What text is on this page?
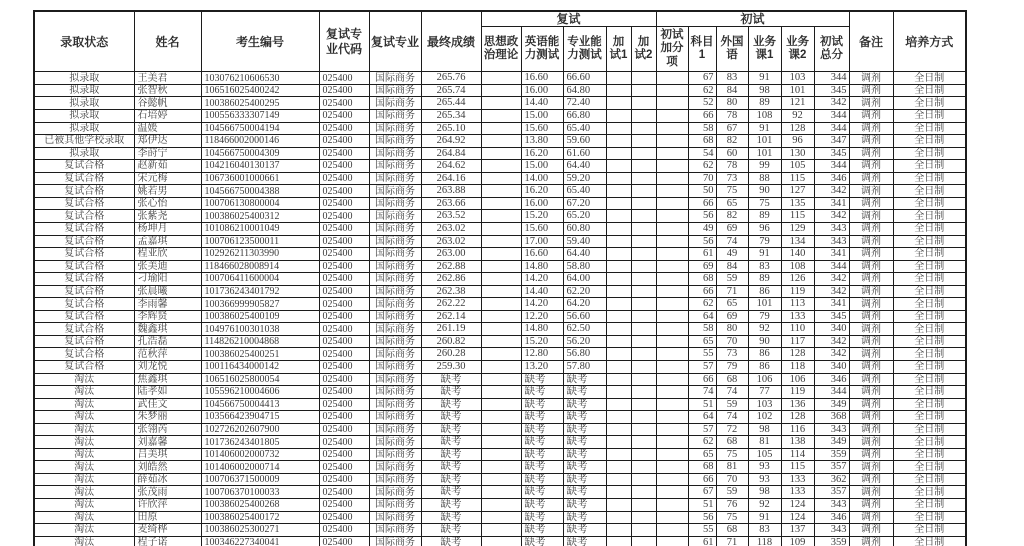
录取状态	姓名	考生编号	复试专业代码	复试专业	最终成绩	复试					初试						备注	培养方式
						思想政治理论	英语能力测试	专业能力测试	加试1	加试2	初试加分项	科目1	外国语	业务课1	业务课2	初试总分		
拟录取	王美君	103076210606530	025400	国际商务	265.76		16.60	66.60				67	83	91	103	344	调剂	全日制
拟录取	张智秋	106516025400242	025400	国际商务	265.74		16.00	64.80				62	84	98	101	345	调剂	全日制
拟录取	谷懿帆	100386025400295	025400	国际商务	265.44		14.40	72.40				52	80	89	121	342	调剂	全日制
拟录取	石培婷	100556333307149	025400	国际商务	265.34		15.00	66.80				66	78	108	92	344	调剂	全日制
拟录取	温媛	104566750004194	025400	国际商务	265.10		15.60	65.40				58	67	91	128	344	调剂	全日制
已被其他学校录取	郑伊达	118466002000146	025400	国际商务	264.92		13.80	59.60				68	82	101	96	347	调剂	全日制
拟录取	李莳宁	104566750004309	025400	国际商务	264.84		16.20	61.60				54	60	101	130	345	调剂	全日制
复试合格	赵新茹	104216040130137	025400	国际商务	264.62		15.00	64.40				62	78	99	105	344	调剂	全日制
复试合格	宋元梅	106736001000661	025400	国际商务	264.16		14.00	59.20				70	73	88	115	346	调剂	全日制
复试合格	姚若男	104566750004388	025400	国际商务	263.88		16.20	65.40				50	75	90	127	342	调剂	全日制
复试合格	张心怡	100706130800004	025400	国际商务	263.66		16.00	67.20				66	65	75	135	341	调剂	全日制
复试合格	张紫尧	100386025400312	025400	国际商务	263.52		15.20	65.20				56	82	89	115	342	调剂	全日制
复试合格	杨坤月	101086210001049	025400	国际商务	263.02		15.60	60.80				49	69	96	129	343	调剂	全日制
复试合格	孟嘉琪	100706123500011	025400	国际商务	263.02		17.00	59.40				56	74	79	134	343	调剂	全日制
复试合格	程亚欣	102926211303990	025400	国际商务	263.00		16.60	64.40				61	49	91	140	341	调剂	全日制
复试合格	张美迪	118466028008914	025400	国际商务	262.88		14.80	58.80				69	84	83	108	344	调剂	全日制
复试合格	刁瑜阳	100706411600004	025400	国际商务	262.86		14.20	64.00				68	59	89	126	342	调剂	全日制
复试合格	张晨曦	101736243401792	025400	国际商务	262.38		14.40	62.20				66	71	86	119	342	调剂	全日制
复试合格	李雨馨	100366999905827	025400	国际商务	262.22		14.20	64.20				62	65	101	113	341	调剂	全日制
复试合格	李辉贤	100386025400109	025400	国际商务	262.14		12.20	56.60				64	69	79	133	345	调剂	全日制
复试合格	魏鑫琪	104976100301038	025400	国际商务	261.19		14.80	62.50				58	80	92	110	340	调剂	全日制
复试合格	孔浩磊	114826210004868	025400	国际商务	260.82		15.20	56.20				65	70	90	117	342	调剂	全日制
复试合格	范秋萍	100386025400251	025400	国际商务	260.28		12.80	56.80				55	73	86	128	342	调剂	全日制
复试合格	刘龙悦	100116434000142	025400	国际商务	259.30		13.20	57.80				57	79	86	118	340	调剂	全日制
淘汰	焦鑫琪	106516025800054	025400	国际商务	缺考		缺考	缺考				66	68	106	106	346	调剂	全日制
淘汰	陆孝如	105596210004606	025400	国际商务	缺考		缺考	缺考				74	74	77	119	344	调剂	全日制
淘汰	武佳文	104566750004413	025400	国际商务	缺考		缺考	缺考				51	59	103	136	349	调剂	全日制
淘汰	朱梦丽	103566423904715	025400	国际商务	缺考		缺考	缺考				64	74	102	128	368	调剂	全日制
淘汰	张翎芮	102726202607900	025400	国际商务	缺考		缺考	缺考				57	72	98	116	343	调剂	全日制
淘汰	刘嘉馨	101736243401805	025400	国际商务	缺考		缺考	缺考				62	68	81	138	349	调剂	全日制
淘汰	吕美琪	101406002000732	025400	国际商务	缺考		缺考	缺考				65	75	105	114	359	调剂	全日制
淘汰	刘皓然	101406002000714	025400	国际商务	缺考		缺考	缺考				68	81	93	115	357	调剂	全日制
淘汰	薛茹冰	100706371500009	025400	国际商务	缺考		缺考	缺考				66	70	93	133	362	调剂	全日制
淘汰	张茂雨	100706370100033	025400	国际商务	缺考		缺考	缺考				67	59	98	133	357	调剂	全日制
淘汰	许欣萍	100386025400268	025400	国际商务	缺考		缺考	缺考				51	76	92	124	343	调剂	全日制
淘汰	田原	100386025400172	025400	国际商务	缺考		缺考	缺考				56	75	91	124	346	调剂	全日制
淘汰	麦绮桦	100386025300271	025400	国际商务	缺考		缺考	缺考				55	68	83	137	343	调剂	全日制
淘汰	程子诺	100346227340041	025400	国际商务	缺考		缺考	缺考				61	71	118	109	359	调剂	全日制
